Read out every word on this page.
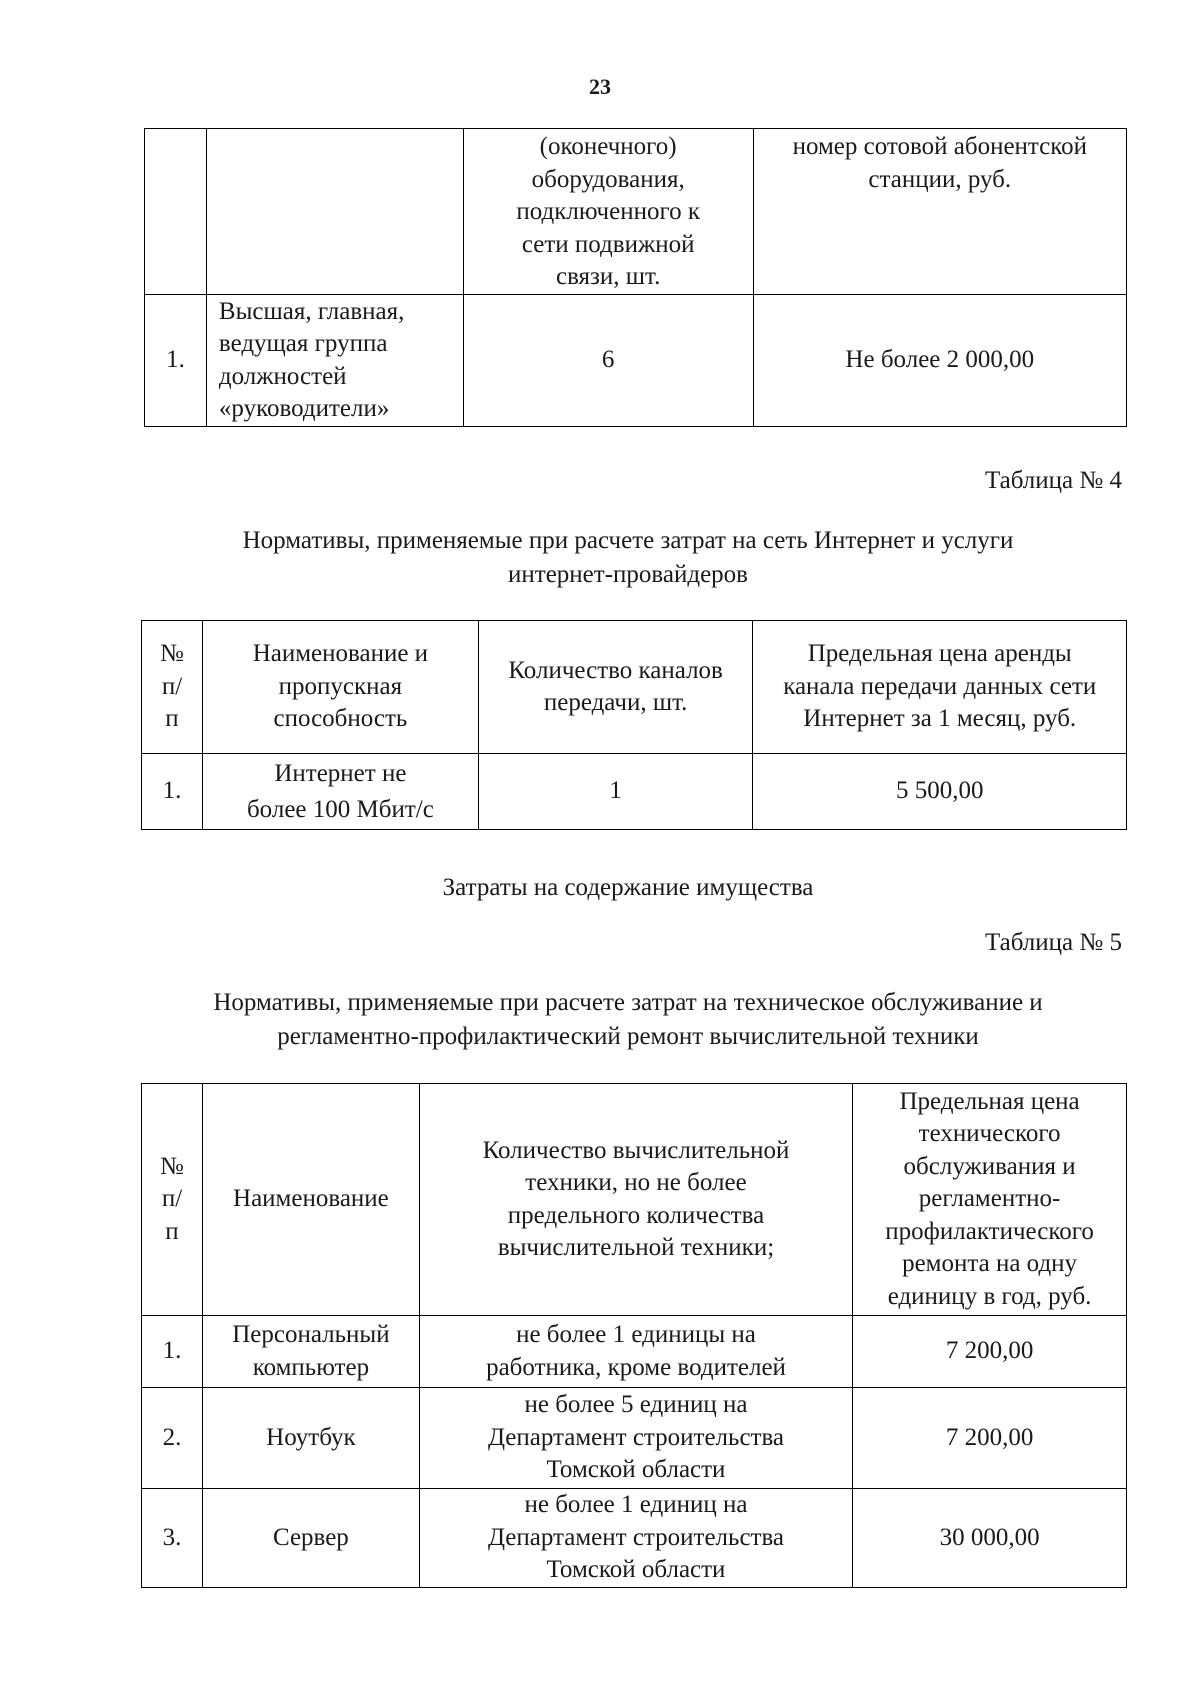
23
		(оконечного) оборудования, подключенного к сети подвижной связи, шт.	номер сотовой абонентской станции, руб.
1.	Высшая, главная, ведущая группа должностей «руководители»	6	Не более 2 000,00
Таблица № 4
Нормативы, применяемые при расчете затрат на сеть Интернет и услуги
интернет-провайдеров
№ п/п	Наименование и пропускная способность	Количество каналов передачи, шт.	Предельная цена аренды канала передачи данных сети Интернет за 1 месяц, руб.
1.	Интернет не более 100 Мбит/с	1	5 500,00
Затраты на содержание имущества
Таблица № 5
Нормативы, применяемые при расчете затрат на техническое обслуживание и
регламентно-профилактический ремонт вычислительной техники
№ п/п	Наименование	Количество вычислительной техники, но не более предельного количества вычислительной техники;	Предельная цена технического обслуживания и регламентно-профилактического ремонта на одну единицу в год, руб.
1.	Персональный компьютер	не более 1 единицы на работника, кроме водителей	7 200,00
2.	Ноутбук	не более 5 единиц на Департамент строительства Томской области	7 200,00
3.	Сервер	не более 1 единиц на Департамент строительства Томской области	30 000,00
